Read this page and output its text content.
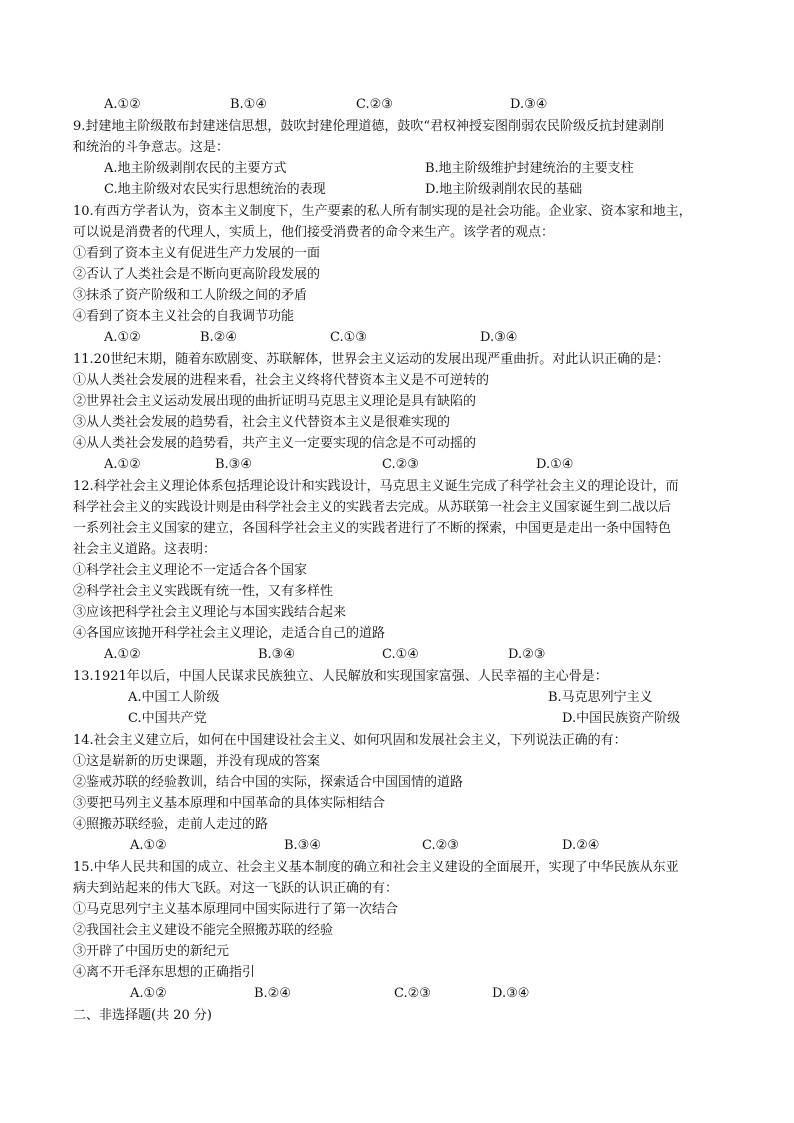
A.①②	B.①④	C.②③	D.③④
9.封建地主阶级散布封建迷信思想，鼓吹封建伦理道德，鼓吹“君权神授妄图削弱农民阶级反抗封建剥削
和统治的斗争意志。这是：
A.地主阶级剥削农民的主要方式	B.地主阶级维护封建统治的主要支柱
C.地主阶级对农民实行思想统治的表现	D.地主阶级剥削农民的基础
10.有西方学者认为，资本主义制度下，生产要素的私人所有制实现的是社会功能。企业家、资本家和地主，
可以说是消费者的代理人，实质上，他们接受消费者的命令来生产。该学者的观点：
①看到了资本主义有促进生产力发展的一面
②否认了人类社会是不断向更高阶段发展的
③抹杀了资产阶级和工人阶级之间的矛盾
④看到了资本主义社会的自我调节功能
A.①②	B.②④	C.①③	D.③④
11.20世纪末期，随着东欧剧变、苏联解体，世界会主义运动的发展出现严重曲折。对此认识正确的是：
①从人类社会发展的进程来看，社会主义终将代替资本主义是不可逆转的
②世界社会主义运动发展出现的曲折证明马克思主义理论是具有缺陷的
③从人类社会发展的趋势看，社会主义代替资本主义是很难实现的
④从人类社会发展的趋势看，共产主义一定要实现的信念是不可动摇的
A.①②	B.③④	C.②③	D.①④
12.科学社会主义理论体系包括理论设计和实践设计，马克思主义诞生完成了科学社会主义的理论设计，而
科学社会主义的实践设计则是由科学社会主义的实践者去完成。从苏联第一社会主义国家诞生到二战以后
一系列社会主义国家的建立，各国科学社会主义的实践者进行了不断的探索，中国更是走出一条中国特色
社会主义道路。这表明：
①科学社会主义理论不一定适合各个国家
②科学社会主义实践既有统一性，又有多样性
③应该把科学社会主义理论与本国实践结合起来
④各国应该抛开科学社会主义理论，走适合自己的道路
A.①②	B.③④	C.①④	D.②③
13.1921年以后，中国人民谋求民族独立、人民解放和实现国家富强、人民幸福的主心骨是：
A.中国工人阶级	B.马克思列宁主义
C.中国共产党	D.中国民族资产阶级
14.社会主义建立后，如何在中国建设社会主义、如何巩固和发展社会主义，下列说法正确的有：
①这是崭新的历史课题，并没有现成的答案
②鉴戒苏联的经验教训，结合中国的实际，探索适合中国国情的道路
③要把马列主义基本原理和中国革命的具体实际相结合
④照搬苏联经验，走前人走过的路
A.①②	B.③④	C.②③	D.②④
15.中华人民共和国的成立、社会主义基本制度的确立和社会主义建设的全面展开，实现了中华民族从东亚
病夫到站起来的伟大飞跃。对这一飞跃的认识正确的有：
①马克思列宁主义基本原理同中国实际进行了第一次结合
②我国社会主义建设不能完全照搬苏联的经验
③开辟了中国历史的新纪元
④离不开毛泽东思想的正确指引
A.①②	B.②④	C.②③	D.③④
二、非选择题(共 20 分)
